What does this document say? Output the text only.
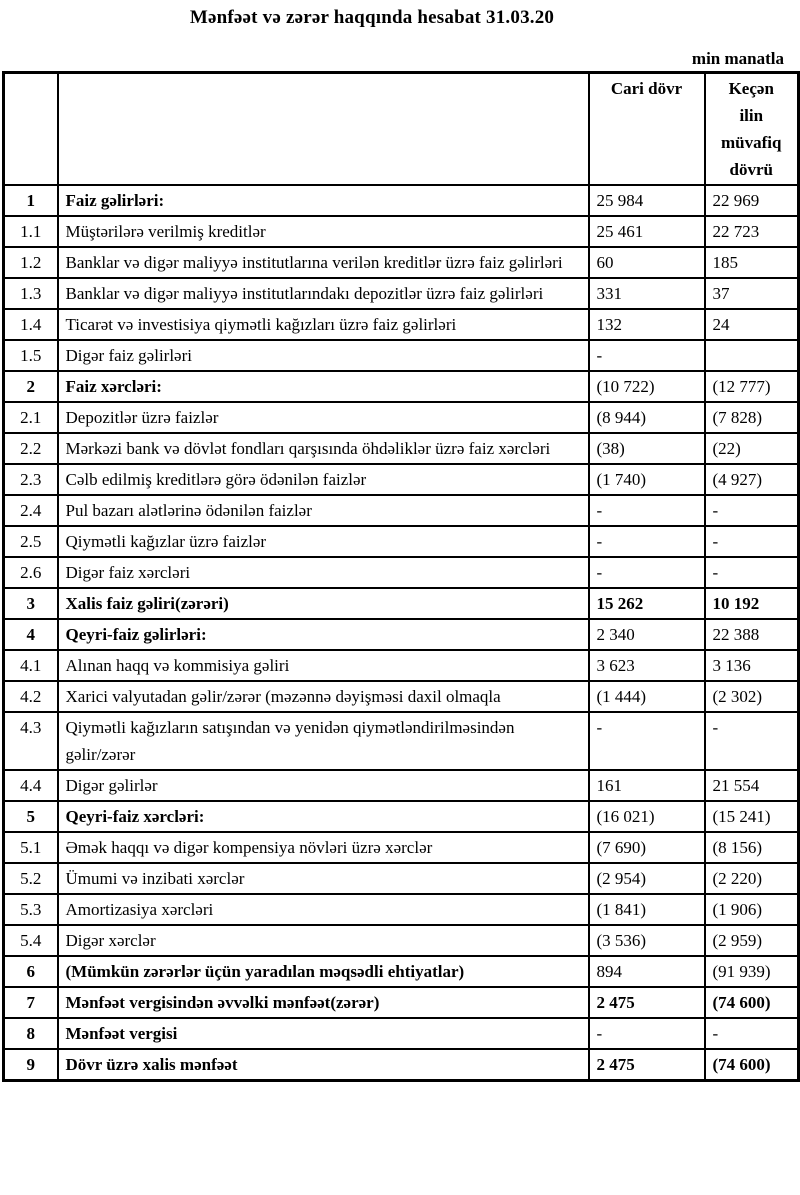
Mənfəət və zərər haqqında hesabat 31.03.20
min manatla

		Cari dövr	Keçən ilin müvafiq dövrü

1	Faiz gəlirləri:	25 984	22 969
1.1	Müştərilərə verilmiş kreditlər	25 461	22 723
1.2	Banklar və digər maliyyə institutlarına verilən kreditlər üzrə faiz gəlirləri	60	185
1.3	Banklar və digər maliyyə institutlarındakı depozitlər üzrə faiz gəlirləri	331	37
1.4	Ticarət və investisiya qiymətli kağızları üzrə faiz gəlirləri	132	24
1.5	Digər faiz gəlirləri	-	
2	Faiz xərcləri:	(10 722)	(12 777)
2.1	Depozitlər üzrə faizlər	(8 944)	(7 828)
2.2	Mərkəzi bank və dövlət fondları qarşısında öhdəliklər üzrə faiz xərcləri	(38)	(22)
2.3	Cəlb edilmiş kreditlərə görə ödənilən faizlər	(1 740)	(4 927)
2.4	Pul bazarı alətlərinə ödənilən faizlər	-	-
2.5	Qiymətli kağızlar üzrə faizlər	-	-
2.6	Digər faiz xərcləri	-	-
3	Xalis faiz gəliri(zərəri)	15 262	10 192
4	Qeyri-faiz gəlirləri:	2 340	22 388
4.1	Alınan haqq və kommisiya gəliri	3 623	3 136
4.2	Xarici valyutadan gəlir/zərər (məzənnə dəyişməsi daxil olmaqla	(1 444)	(2 302)
4.3	Qiymətli kağızların satışından və yenidən qiymətləndirilməsindən gəlir/zərər	-	-
4.4	Digər gəlirlər	161	21 554
5	Qeyri-faiz xərcləri:	(16 021)	(15 241)
5.1	Əmək haqqı və digər kompensiya növləri üzrə xərclər	(7 690)	(8 156)
5.2	Ümumi və inzibati xərclər	(2 954)	(2 220)
5.3	Amortizasiya xərcləri	(1 841)	(1 906)
5.4	Digər xərclər	(3 536)	(2 959)
6	(Mümkün zərərlər üçün yaradılan məqsədli ehtiyatlar)	894	(91 939)
7	Mənfəət vergisindən əvvəlki mənfəət(zərər)	2 475	(74 600)
8	Mənfəət vergisi	-	-
9	Dövr üzrə xalis mənfəət	2 475	(74 600)
